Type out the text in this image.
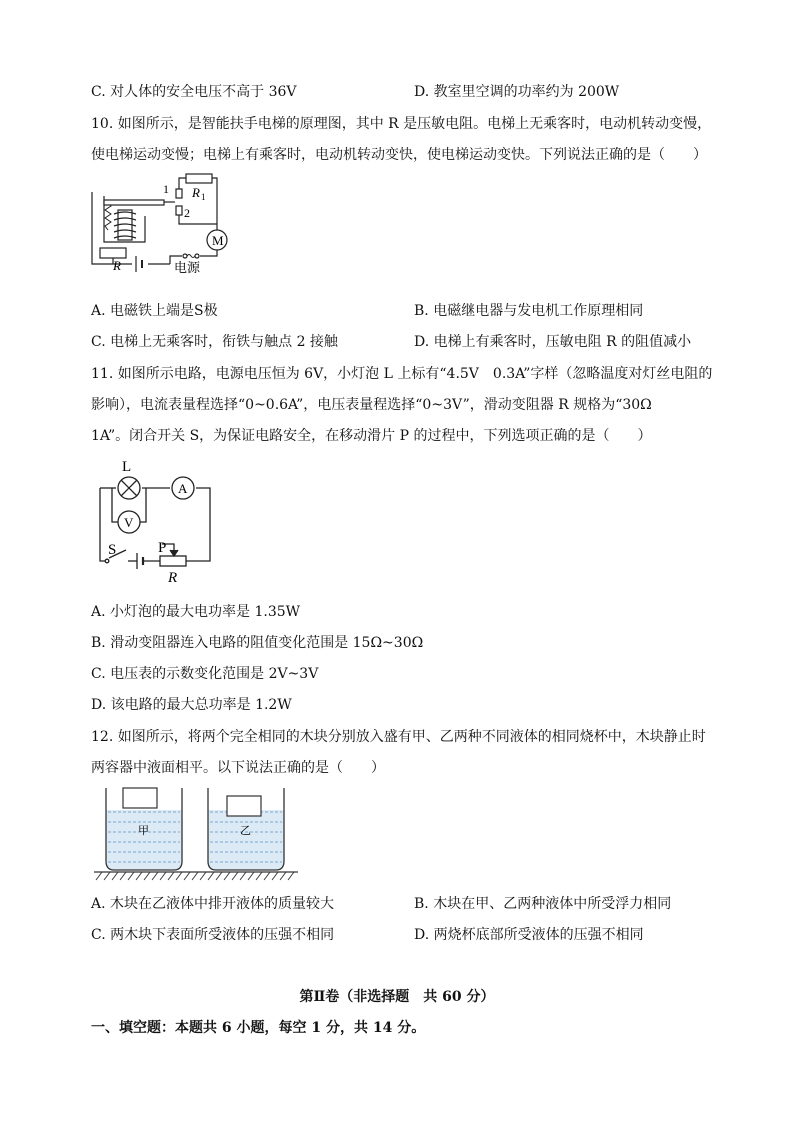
C. 对人体的安全电压不高于 36V	D. 教室里空调的功率约为 200W
10. 如图所示，是智能扶手电梯的原理图，其中 R 是压敏电阻。电梯上无乘客时，电动机转动变慢，
使电梯运动变慢；电梯上有乘客时，电动机转动变快，使电梯运动变快。下列说法正确的是（　　）
1
2
R 1
R
M
电源
A. 电磁铁上端是S极	B. 电磁继电器与发电机工作原理相同
C. 电梯上无乘客时，衔铁与触点 2 接触	D. 电梯上有乘客时，压敏电阻 R 的阻值减小
11. 如图所示电路，电源电压恒为 6V，小灯泡 L 上标有“4.5V　0.3A”字样（忽略温度对灯丝电阻的
影响），电流表量程选择“0~0.6A”，电压表量程选择“0~3V”，滑动变阻器 R 规格为“30Ω
1A”。闭合开关 S，为保证电路安全，在移动滑片 P 的过程中，下列选项正确的是（　　）
L
A
V
S	P
R
A. 小灯泡的最大电功率是 1.35W
B. 滑动变阻器连入电路的阻值变化范围是 15Ω~30Ω
C. 电压表的示数变化范围是 2V~3V
D. 该电路的最大总功率是 1.2W
12. 如图所示，将两个完全相同的木块分别放入盛有甲、乙两种不同液体的相同烧杯中，木块静止时
两容器中液面相平。以下说法正确的是（　　）
甲	乙
A. 木块在乙液体中排开液体的质量较大	B. 木块在甲、乙两种液体中所受浮力相同
C. 两木块下表面所受液体的压强不相同	D. 两烧杯底部所受液体的压强不相同
第Ⅱ卷（非选择题　共 60 分）
一、填空题：本题共 6 小题，每空 1 分，共 14 分。
